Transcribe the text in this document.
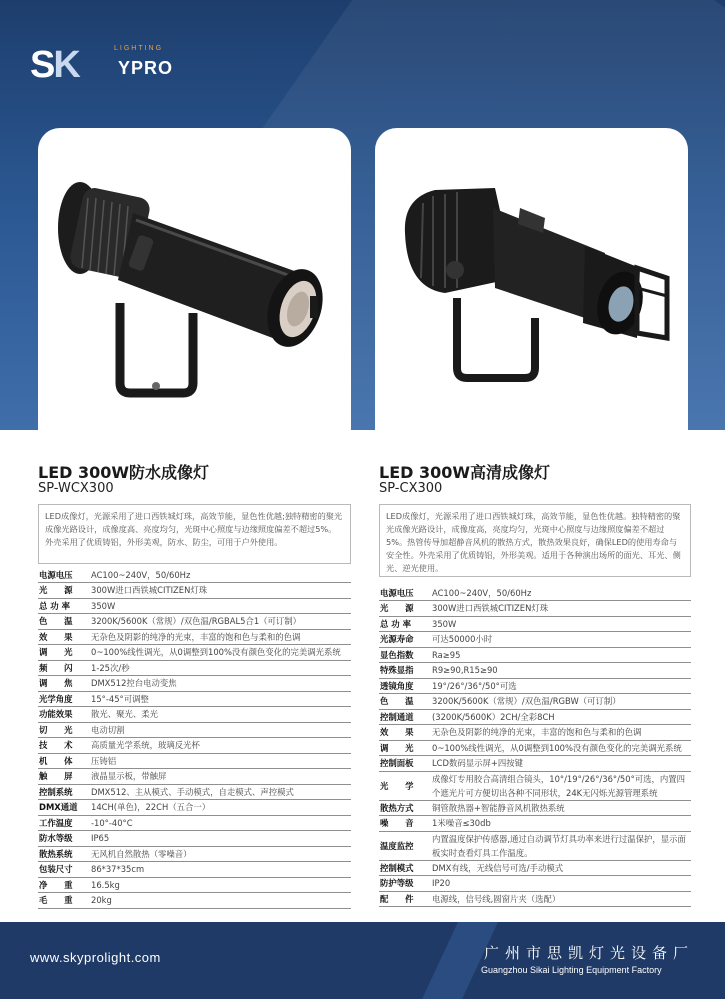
SK	LIGHTING
YPRO
LED 300W防水成像灯
SP-WCX300
LED成像灯，光源采用了进口西铁城灯珠，高效节能，显色性优越;独特精密的聚光成像光路设计，成像度高、亮度均匀，光斑中心照度与边缘照度偏差不超过5%。外壳采用了优质铸铝，外形美观，防水、防尘，可用于户外使用。
电源电压	AC100~240V，50/60Hz
光　　源	300W进口西铁城CITIZEN灯珠
总 功 率	350W
色　　温	3200K/5600K（常规）/双色温/RGBAL5合1（可订制）
效　　果	无杂色及阴影的纯净的光束，丰富的饱和色与柔和的色调
调　　光	0~100%线性调光，从0调整到100%没有颜色变化的完美调光系统
频　　闪	1-25次/秒
调　　焦	DMX512控台电动变焦
光学角度	15°-45°可调整
功能效果	散光、聚光、柔光
切　　光	电动切割
技　　术	高质量光学系统，玻璃反光杯
机　　体	压铸铝
触　　屏	液晶显示板，带触屏
控制系统	DMX512、主从模式、手动模式，自走模式、声控模式
DMX通道	14CH(单色)，22CH（五合一）
工作温度	-10°-40°C
防水等级	IP65
散热系统	无风机自然散热（零噪音）
包装尺寸	86*37*35cm
净　　重	16.5kg
毛　　重	20kg
LED 300W高清成像灯
SP-CX300
LED成像灯，光源采用了进口西铁城灯珠，高效节能，显色性优越。独特精密的聚光成像光路设计，成像度高，亮度均匀，光斑中心照度与边缘照度偏差不超过5%。热管传导加超静音风机的散热方式，散热效果良好，确保LED的使用寿命与安全性。外壳采用了优质铸铝，外形美观。适用于各种演出场所的面光、耳光、侧光、逆光使用。
电源电压	AC100~240V，50/60Hz
光　　源	300W进口西铁城CITIZEN灯珠
总 功 率	350W
光源寿命	可达50000小时
显色指数	Ra≥95
特殊显指	R9≥90,R15≥90
透镜角度	19°/26°/36°/50°可选
色　　温	3200K/5600K（常规）/双色温/RGBW（可订制）
控制通道	(3200K/5600K）2CH/全彩8CH
效　　果	无杂色及阴影的纯净的光束，丰富的饱和色与柔和的色调
调　　光	0~100%线性调光，从0调整到100%没有颜色变化的完美调光系统
控制面板	LCD数码显示屏+四按键
光　　学	成像灯专用胶合高清组合镜头，10°/19°/26°/36°/50°可选，内置四个遮光片可方便切出各种不同形状，24K无闪烁光源管理系统
散热方式	铜管散热器+智能静音风机散热系统
噪　　音	1米噪音≤30db
温度监控	内置温度保护传感器,通过自动调节灯具功率来进行过温保护，显示面板实时查看灯具工作温度。
控制模式	DMX有线，无线信号可选/手动模式
防护等级	IP20
配　　件	电源线，信号线,圆窗片夹（选配）
www.skyprolight.com	广州市思凯灯光设备厂
Guangzhou Sikai Lighting Equipment Factory
